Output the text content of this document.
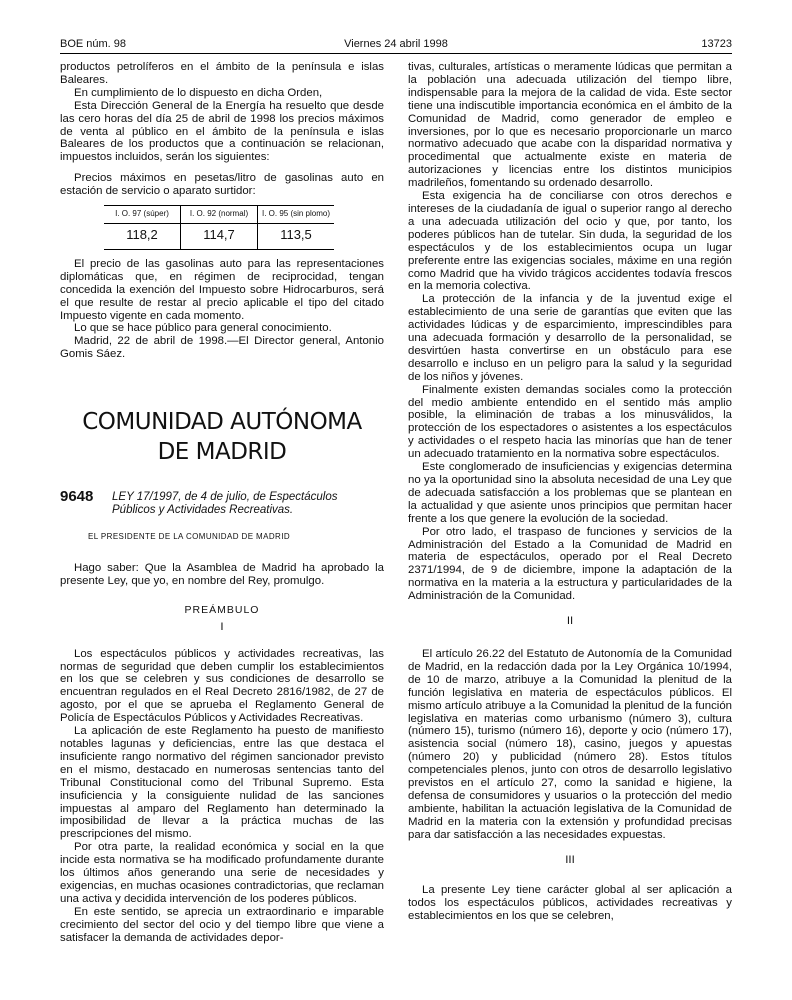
BOE núm. 98	Viernes 24 abril 1998	13723

productos petrolíferos en el ámbito de la península e islas Baleares.

En cumplimiento de lo dispuesto en dicha Orden,

Esta Dirección General de la Energía ha resuelto que desde las cero horas del día 25 de abril de 1998 los precios máximos de venta al público en el ámbito de la península e islas Baleares de los productos que a continuación se relacionan, impuestos incluidos, serán los siguientes:

Precios máximos en pesetas/litro de gasolinas auto en estación de servicio o aparato surtidor:

I. O. 97 (súper)	I. O. 92 (normal)	I. O. 95 (sin plomo)
118,2	114,7	113,5

El precio de las gasolinas auto para las representaciones diplomáticas que, en régimen de reciprocidad, tengan concedida la exención del Impuesto sobre Hidrocarburos, será el que resulte de restar al precio aplicable el tipo del citado Impuesto vigente en cada momento.

Lo que se hace público para general conocimiento.

Madrid, 22 de abril de 1998.—El Director general, Antonio Gomis Sáez.

COMUNIDAD AUTÓNOMA
DE MADRID
9648	LEY 17/1997, de 4 de julio, de Espectáculos Públicos y Actividades Recreativas.

EL PRESIDENTE DE LA COMUNIDAD DE MADRID

Hago saber: Que la Asamblea de Madrid ha aprobado la presente Ley, que yo, en nombre del Rey, promulgo.

PREÁMBULO

I

Los espectáculos públicos y actividades recreativas, las normas de seguridad que deben cumplir los establecimientos en los que se celebren y sus condiciones de desarrollo se encuentran regulados en el Real Decreto 2816/1982, de 27 de agosto, por el que se aprueba el Reglamento General de Policía de Espectáculos Públicos y Actividades Recreativas.

La aplicación de este Reglamento ha puesto de manifiesto notables lagunas y deficiencias, entre las que destaca el insuficiente rango normativo del régimen sancionador previsto en el mismo, destacado en numerosas sentencias tanto del Tribunal Constitucional como del Tribunal Supremo. Esta insuficiencia y la consiguiente nulidad de las sanciones impuestas al amparo del Reglamento han determinado la imposibilidad de llevar a la práctica muchas de las prescripciones del mismo.

Por otra parte, la realidad económica y social en la que incide esta normativa se ha modificado profundamente durante los últimos años generando una serie de necesidades y exigencias, en muchas ocasiones contradictorias, que reclaman una activa y decidida intervención de los poderes públicos.

En este sentido, se aprecia un extraordinario e imparable crecimiento del sector del ocio y del tiempo libre que viene a satisfacer la demanda de actividades depor-

tivas, culturales, artísticas o meramente lúdicas que permitan a la población una adecuada utilización del tiempo libre, indispensable para la mejora de la calidad de vida. Este sector tiene una indiscutible importancia económica en el ámbito de la Comunidad de Madrid, como generador de empleo e inversiones, por lo que es necesario proporcionarle un marco normativo adecuado que acabe con la disparidad normativa y procedimental que actualmente existe en materia de autorizaciones y licencias entre los distintos municipios madrileños, fomentando su ordenado desarrollo.

Esta exigencia ha de conciliarse con otros derechos e intereses de la ciudadanía de igual o superior rango al derecho a una adecuada utilización del ocio y que, por tanto, los poderes públicos han de tutelar. Sin duda, la seguridad de los espectáculos y de los establecimientos ocupa un lugar preferente entre las exigencias sociales, máxime en una región como Madrid que ha vivido trágicos accidentes todavía frescos en la memoria colectiva.

La protección de la infancia y de la juventud exige el establecimiento de una serie de garantías que eviten que las actividades lúdicas y de esparcimiento, imprescindibles para una adecuada formación y desarrollo de la personalidad, se desvirtúen hasta convertirse en un obstáculo para ese desarrollo e incluso en un peligro para la salud y la seguridad de los niños y jóvenes.

Finalmente existen demandas sociales como la protección del medio ambiente entendido en el sentido más amplio posible, la eliminación de trabas a los minusválidos, la protección de los espectadores o asistentes a los espectáculos y actividades o el respeto hacia las minorías que han de tener un adecuado tratamiento en la normativa sobre espectáculos.

Este conglomerado de insuficiencias y exigencias determina no ya la oportunidad sino la absoluta necesidad de una Ley que de adecuada satisfacción a los problemas que se plantean en la actualidad y que asiente unos principios que permitan hacer frente a los que genere la evolución de la sociedad.

Por otro lado, el traspaso de funciones y servicios de la Administración del Estado a la Comunidad de Madrid en materia de espectáculos, operado por el Real Decreto 2371/1994, de 9 de diciembre, impone la adaptación de la normativa en la materia a la estructura y particularidades de la Administración de la Comunidad.

II

El artículo 26.22 del Estatuto de Autonomía de la Comunidad de Madrid, en la redacción dada por la Ley Orgánica 10/1994, de 10 de marzo, atribuye a la Comunidad la plenitud de la función legislativa en materia de espectáculos públicos. El mismo artículo atribuye a la Comunidad la plenitud de la función legislativa en materias como urbanismo (número 3), cultura (número 15), turismo (número 16), deporte y ocio (número 17), asistencia social (número 18), casino, juegos y apuestas (número 20) y publicidad (número 28). Estos títulos competenciales plenos, junto con otros de desarrollo legislativo previstos en el artículo 27, como la sanidad e higiene, la defensa de consumidores y usuarios o la protección del medio ambiente, habilitan la actuación legislativa de la Comunidad de Madrid en la materia con la extensión y profundidad precisas para dar satisfacción a las necesidades expuestas.

III

La presente Ley tiene carácter global al ser aplicación a todos los espectáculos públicos, actividades recreativas y establecimientos en los que se celebren,
